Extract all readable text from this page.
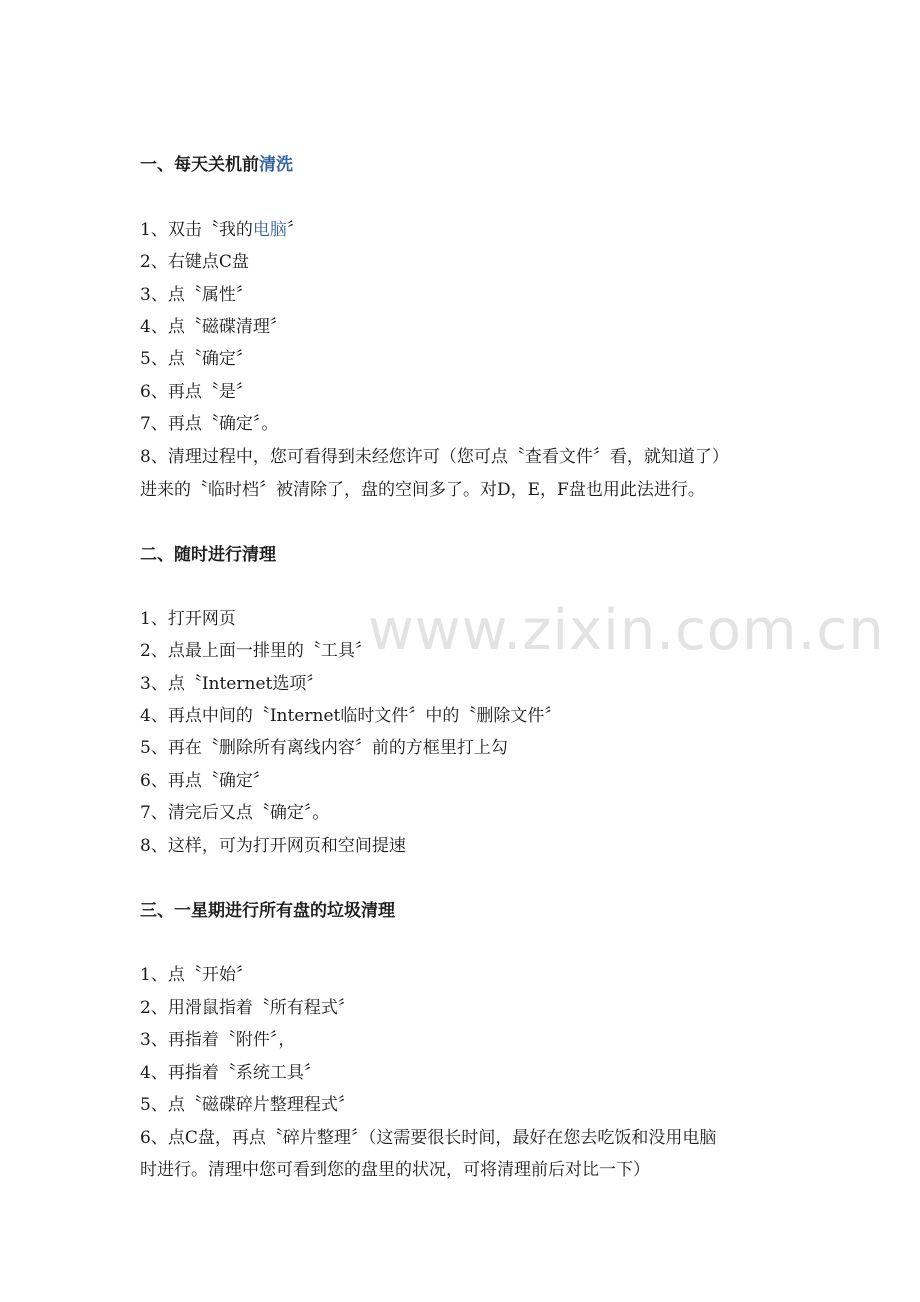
www.zixin.com.cn
一、每天关机前清洗
1、双击〝我的电脑〞
2、右键点C盘
3、点〝属性〞
4、点〝磁碟清理〞
5、点〝确定〞
6、再点〝是〞
7、再点〝确定〞。
8、清理过程中，您可看得到未经您许可（您可点〝查看文件〞看，就知道了）
进来的〝临时档〞被清除了，盘的空间多了。对D，E，F盘也用此法进行。
二、随时进行清理
1、打开网页
2、点最上面一排里的〝工具〞
3、点〝Internet选项〞
4、再点中间的〝Internet临时文件〞中的〝删除文件〞
5、再在〝删除所有离线内容〞前的方框里打上勾
6、再点〝确定〞
7、清完后又点〝确定〞。
8、这样，可为打开网页和空间提速
三、一星期进行所有盘的垃圾清理
1、点〝开始〞
2、用滑鼠指着〝所有程式〞
3、再指着〝附件〞，
4、再指着〝系统工具〞
5、点〝磁碟碎片整理程式〞
6、点C盘，再点〝碎片整理〞（这需要很长时间，最好在您去吃饭和没用电脑
时进行。清理中您可看到您的盘里的状况，可将清理前后对比一下）
